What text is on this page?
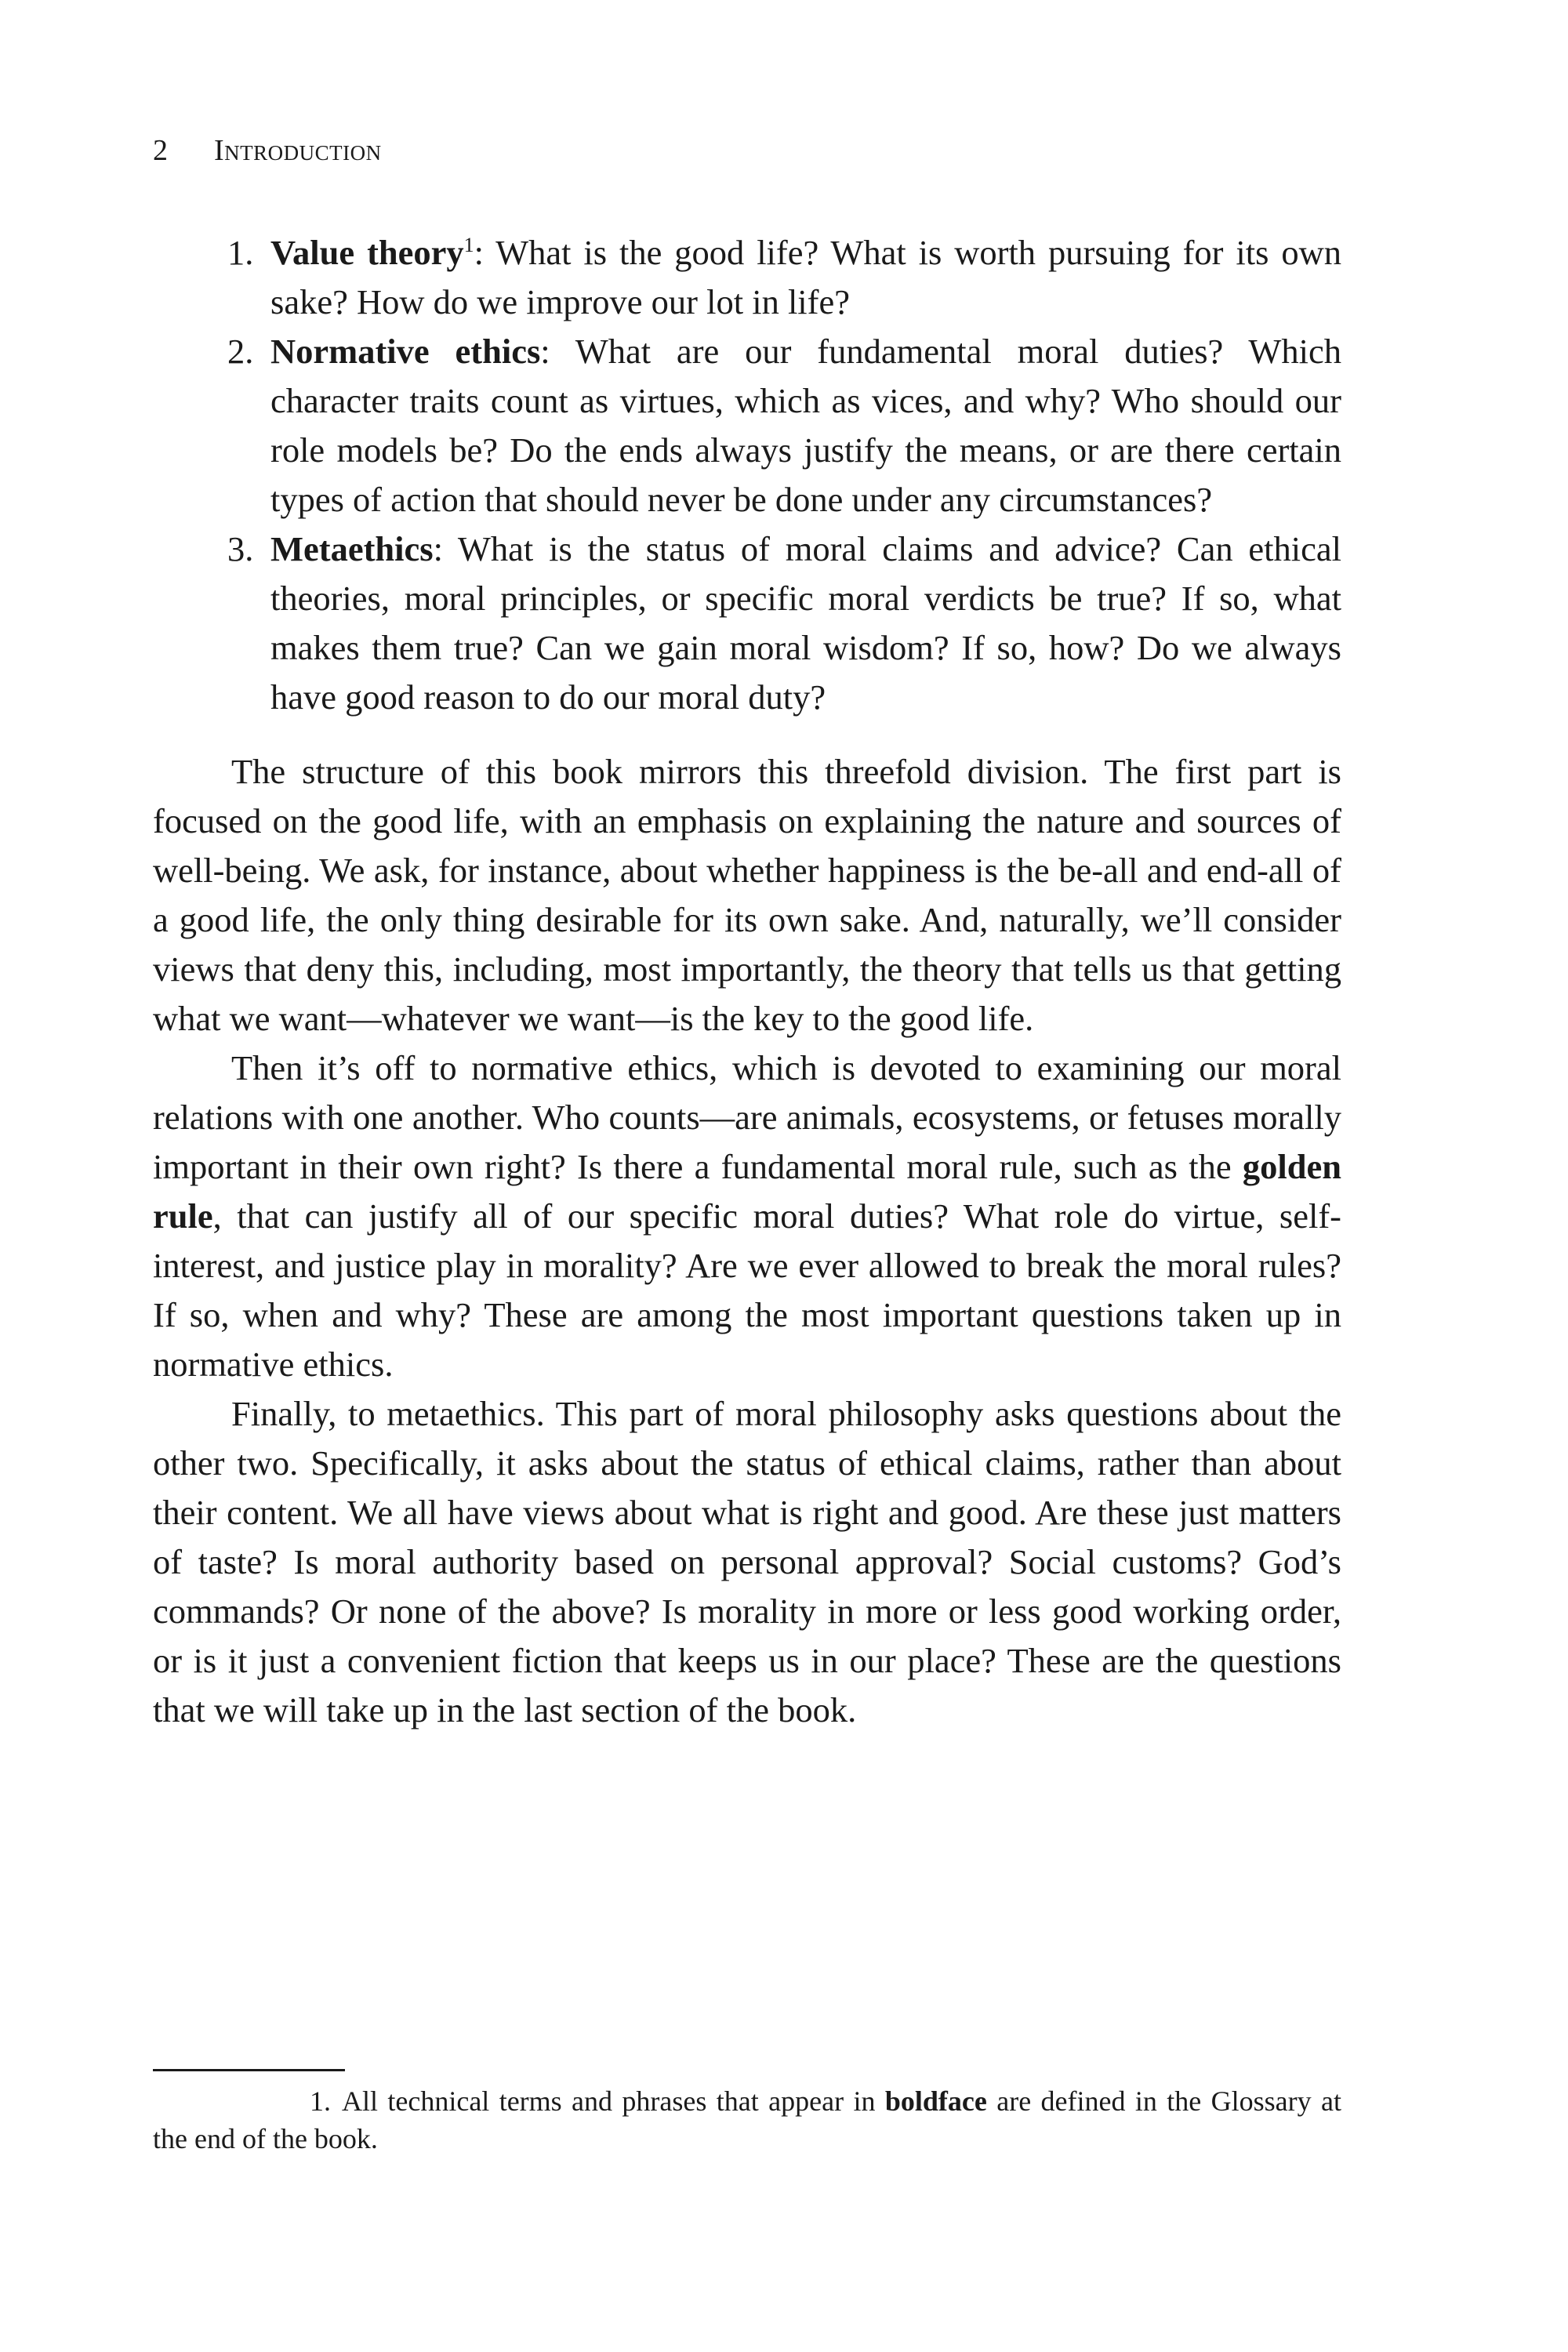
2 Introduction
1. Value theory$^1$: What is the good life? What is worth pursuing for its own sake? How do we improve our lot in life?
2. Normative ethics: What are our fundamental moral duties? Which character traits count as virtues, which as vices, and why? Who should our role models be? Do the ends always justify the means, or are there certain types of action that should never be done under any circumstances?
3. Metaethics: What is the status of moral claims and advice? Can ethical theories, moral principles, or specific moral verdicts be true? If so, what makes them true? Can we gain moral wisdom? If so, how? Do we always have good reason to do our moral duty?

The structure of this book mirrors this threefold division. The first part is focused on the good life, with an emphasis on explaining the nature and sources of well-being. We ask, for instance, about whether happiness is the be-all and end-all of a good life, the only thing desirable for its own sake. And, naturally, we’ll consider views that deny this, including, most importantly, the theory that tells us that getting what we want—whatever we want—is the key to the good life.

Then it’s off to normative ethics, which is devoted to examining our moral relations with one another. Who counts—are animals, ecosystems, or fetuses morally important in their own right? Is there a fundamental moral rule, such as the golden rule, that can justify all of our specific moral duties? What role do virtue, self-interest, and justice play in morality? Are we ever allowed to break the moral rules? If so, when and why? These are among the most important questions taken up in normative ethics.

Finally, to metaethics. This part of moral philosophy asks questions about the other two. Specifically, it asks about the status of ethical claims, rather than about their content. We all have views about what is right and good. Are these just matters of taste? Is moral authority based on personal approval? Social customs? God’s commands? Or none of the above? Is morality in more or less good working order, or is it just a convenient fiction that keeps us in our place? These are the questions that we will take up in the last section of the book.

1. All technical terms and phrases that appear in boldface are defined in the Glossary at the end of the book.
